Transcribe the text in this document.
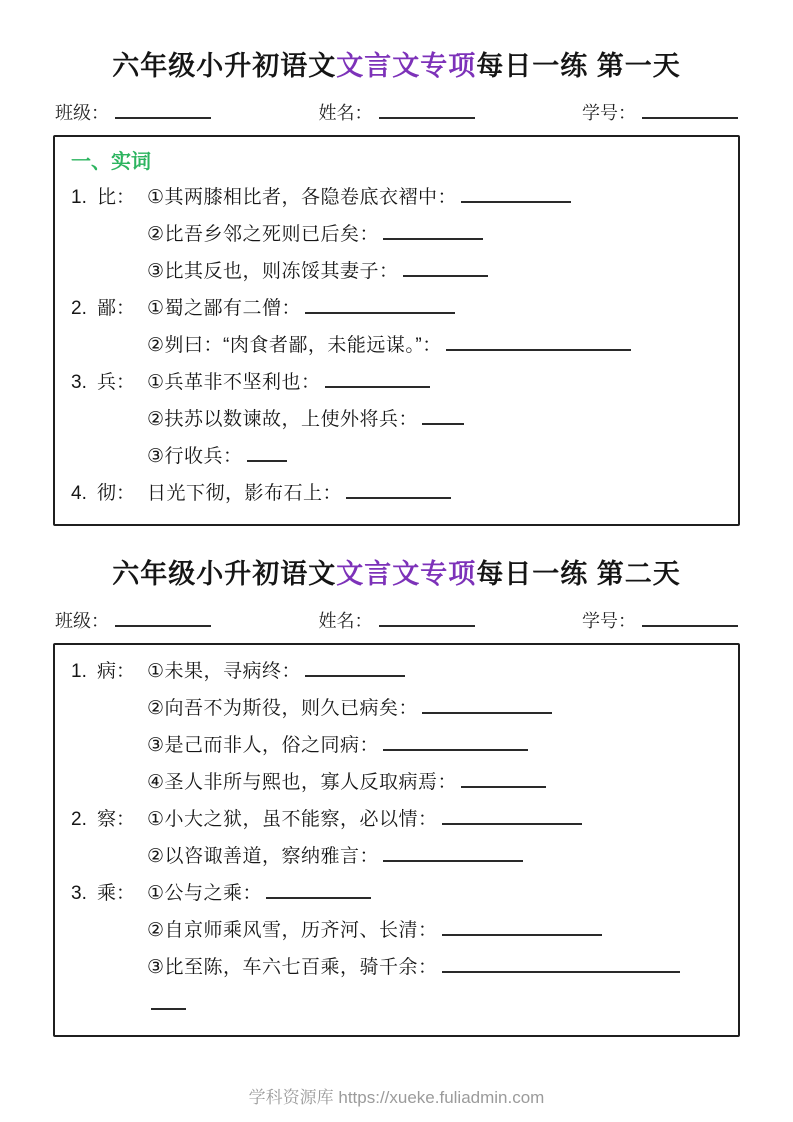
六年级小升初语文文言文专项每日一练 第一天
班级：	姓名：	学号：
一、实词
1. 比： ①其两膝相比者，各隐卷底衣褶中：
②比吾乡邻之死则已后矣：
③比其反也，则冻馁其妻子：
2. 鄙： ①蜀之鄙有二僧：
②刿曰：“肉食者鄙，未能远谋。”：
3. 兵： ①兵革非不坚利也：
②扶苏以数谏故，上使外将兵：
③行收兵：
4. 彻： 日光下彻，影布石上：
六年级小升初语文文言文专项每日一练 第二天
班级：	姓名：	学号：
1. 病： ①未果，寻病终：
②向吾不为斯役，则久已病矣：
③是己而非人，俗之同病：
④圣人非所与熙也，寡人反取病焉：
2. 察： ①小大之狱，虽不能察，必以情：
②以咨诹善道，察纳雅言：
3. 乘： ①公与之乘：
②自京师乘风雪，历齐河、长清：
③比至陈，车六七百乘，骑千余：
学科资源库 https://xueke.fuliadmin.com
